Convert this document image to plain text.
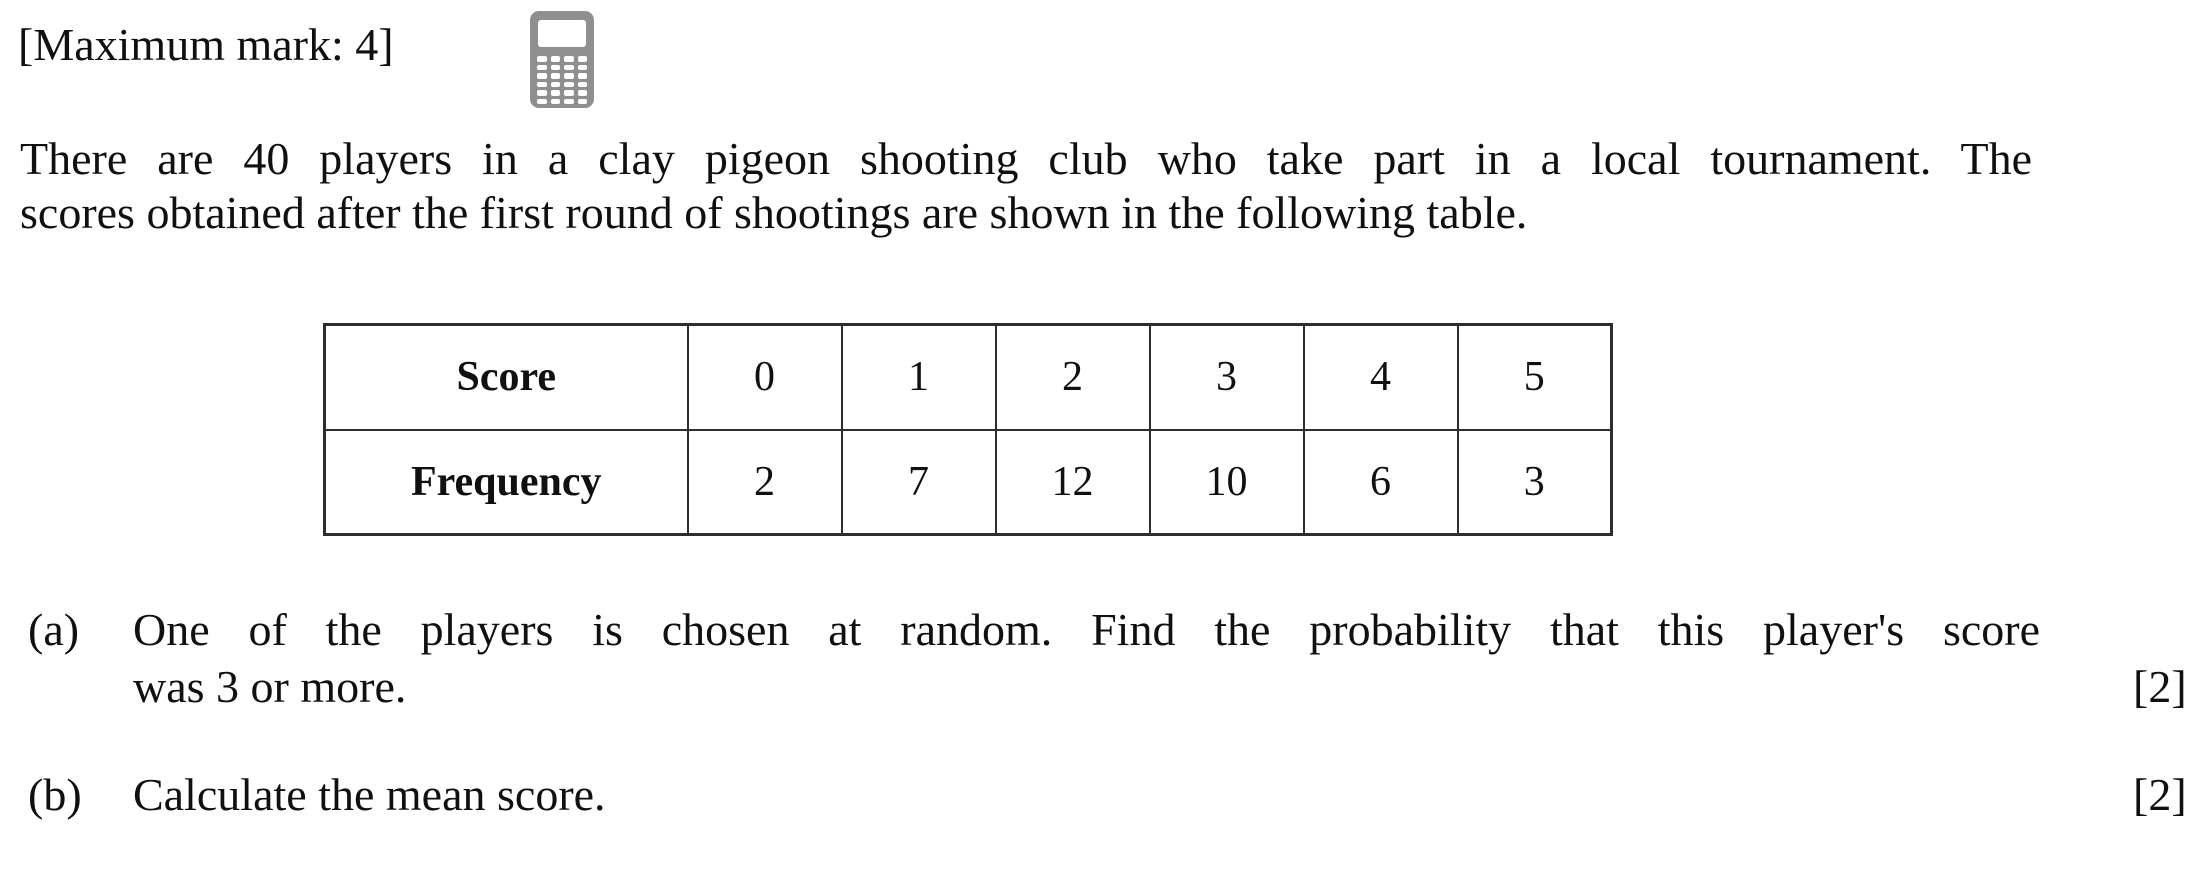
[Maximum mark: 4]
There are 40 players in a clay pigeon shooting club who take part in a local tournament. The
scores obtained after the first round of shootings are shown in the following table.
Score	0	1	2	3	4	5
Frequency	2	7	12	10	6	3
(a) One of the players is chosen at random. Find the probability that this player's score
was 3 or more.	[2]
(b) Calculate the mean score.	[2]
